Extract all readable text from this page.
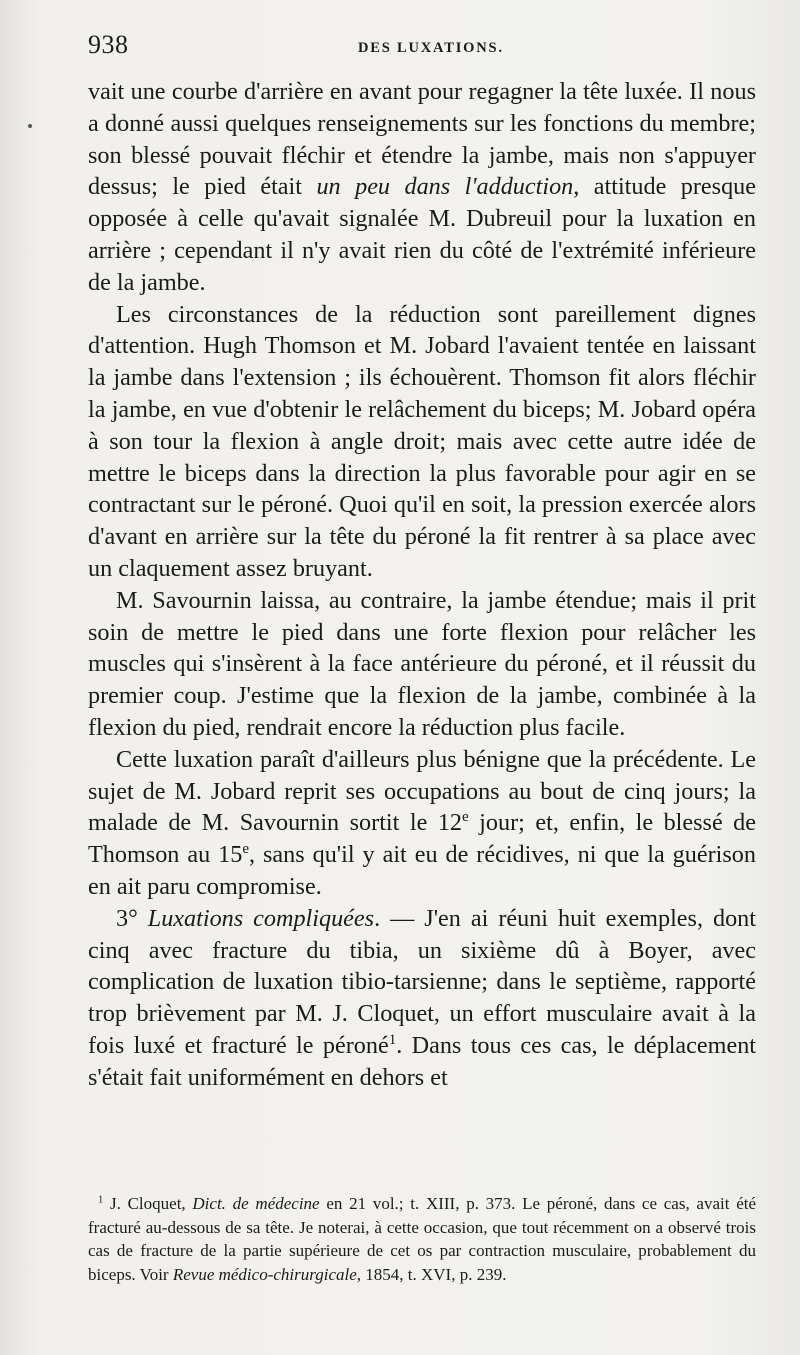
938	DES LUXATIONS.

vait une courbe d'arrière en avant pour regagner la tête luxée. Il nous a donné aussi quelques renseignements sur les fonctions du membre; son blessé pouvait fléchir et étendre la jambe, mais non s'appuyer dessus; le pied était un peu dans l'adduction, attitude presque opposée à celle qu'avait signalée M. Dubreuil pour la luxation en arrière ; cependant il n'y avait rien du côté de l'extrémité inférieure de la jambe.

Les circonstances de la réduction sont pareillement dignes d'attention. Hugh Thomson et M. Jobard l'avaient tentée en laissant la jambe dans l'extension ; ils échouèrent. Thomson fit alors fléchir la jambe, en vue d'obtenir le relâchement du biceps; M. Jobard opéra à son tour la flexion à angle droit; mais avec cette autre idée de mettre le biceps dans la direction la plus favorable pour agir en se contractant sur le péroné. Quoi qu'il en soit, la pression exercée alors d'avant en arrière sur la tête du péroné la fit rentrer à sa place avec un claquement assez bruyant.

M. Savournin laissa, au contraire, la jambe étendue; mais il prit soin de mettre le pied dans une forte flexion pour relâcher les muscles qui s'insèrent à la face antérieure du péroné, et il réussit du premier coup. J'estime que la flexion de la jambe, combinée à la flexion du pied, rendrait encore la réduction plus facile.

Cette luxation paraît d'ailleurs plus bénigne que la précédente. Le sujet de M. Jobard reprit ses occupations au bout de cinq jours; la malade de M. Savournin sortit le 12e jour; et, enfin, le blessé de Thomson au 15e, sans qu'il y ait eu de récidives, ni que la guérison en ait paru compromise.

3° Luxations compliquées. — J'en ai réuni huit exemples, dont cinq avec fracture du tibia, un sixième dû à Boyer, avec complication de luxation tibio-tarsienne; dans le septième, rapporté trop brièvement par M. J. Cloquet, un effort musculaire avait à la fois luxé et fracturé le péroné$^1$. Dans tous ces cas, le déplacement s'était fait uniformément en dehors et

$^1$ J. Cloquet, Dict. de médecine en 21 vol.; t. XIII, p. 373. Le péroné, dans ce cas, avait été fracturé au-dessous de sa tête. Je noterai, à cette occasion, que tout récemment on a observé trois cas de fracture de la partie supérieure de cet os par contraction musculaire, probablement du biceps. Voir Revue médico-chirurgicale, 1854, t. XVI, p. 239.
